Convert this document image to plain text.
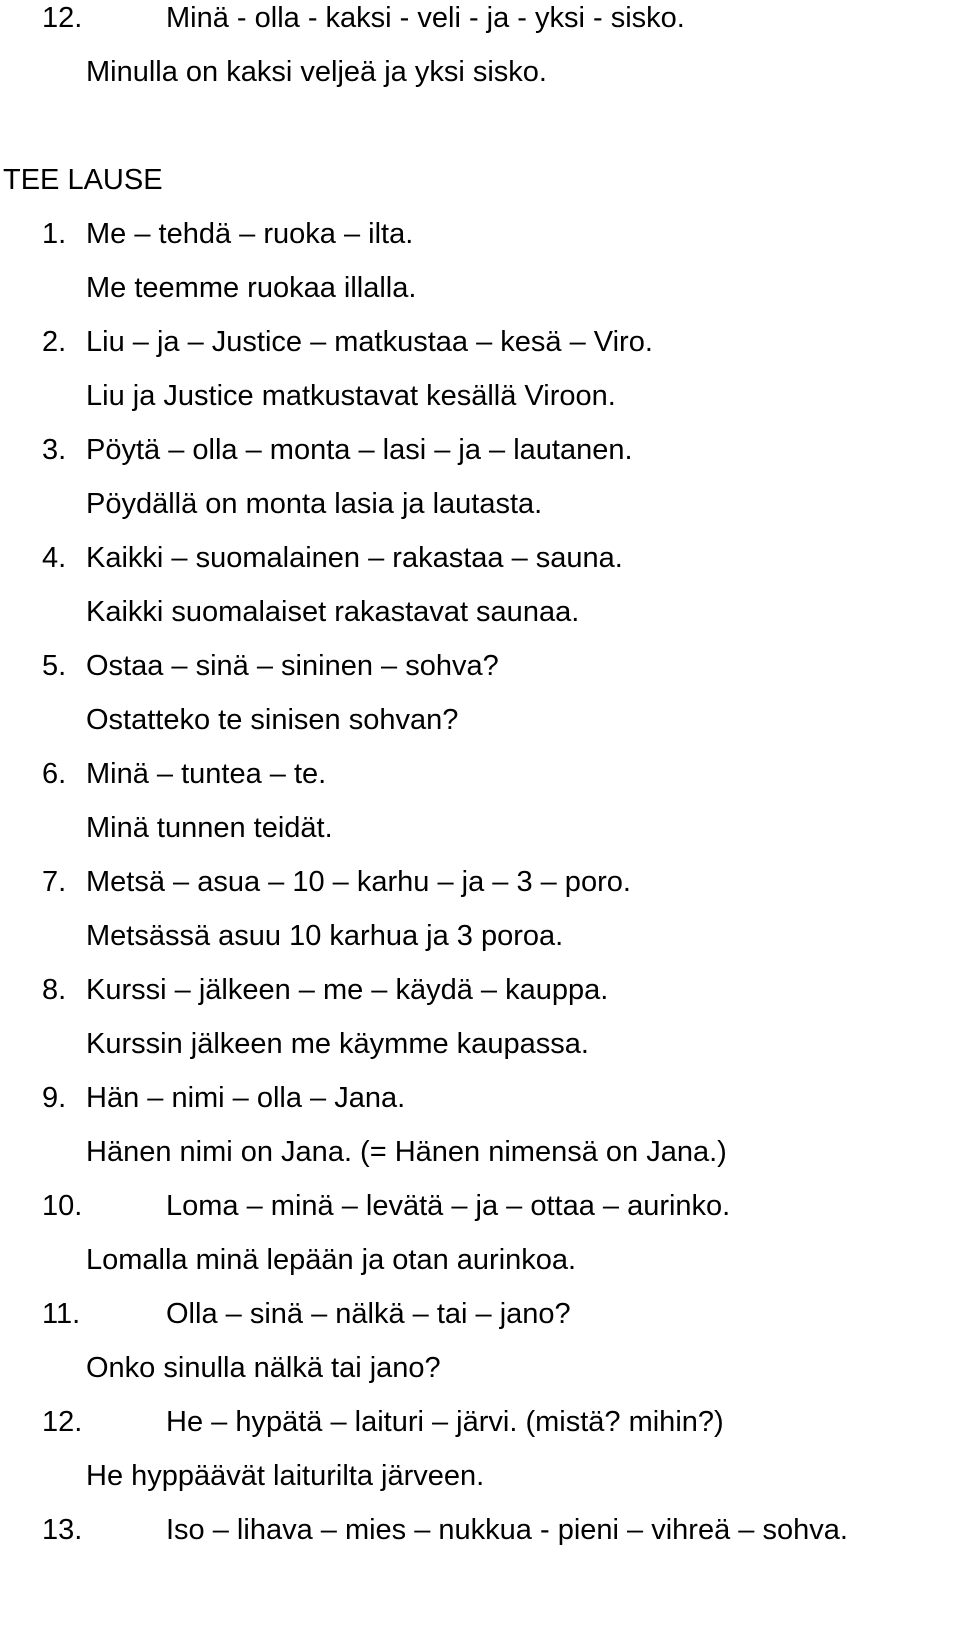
12.	Minä - olla - kaksi - veli - ja - yksi - sisko.
Minulla on kaksi veljeä ja yksi sisko.
TEE LAUSE
1. Me – tehdä – ruoka – ilta.
Me teemme ruokaa illalla.
2. Liu – ja – Justice – matkustaa – kesä – Viro.
Liu ja Justice matkustavat kesällä Viroon.
3. Pöytä – olla – monta – lasi – ja – lautanen.
Pöydällä on monta lasia ja lautasta.
4. Kaikki – suomalainen – rakastaa – sauna.
Kaikki suomalaiset rakastavat saunaa.
5. Ostaa – sinä – sininen – sohva?
Ostatteko te sinisen sohvan?
6. Minä – tuntea – te.
Minä tunnen teidät.
7. Metsä – asua – 10 – karhu – ja – 3 – poro.
Metsässä asuu 10 karhua ja 3 poroa.
8. Kurssi – jälkeen – me – käydä – kauppa.
Kurssin jälkeen me käymme kaupassa.
9. Hän – nimi – olla – Jana.
Hänen nimi on Jana. (= Hänen nimensä on Jana.)
10.	Loma – minä – levätä – ja – ottaa – aurinko.
Lomalla minä lepään ja otan aurinkoa.
11.	Olla – sinä – nälkä – tai – jano?
Onko sinulla nälkä tai jano?
12.	He – hypätä – laituri – järvi. (mistä? mihin?)
He hyppäävät laiturilta järveen.
13.	Iso – lihava – mies – nukkua - pieni – vihreä – sohva.
